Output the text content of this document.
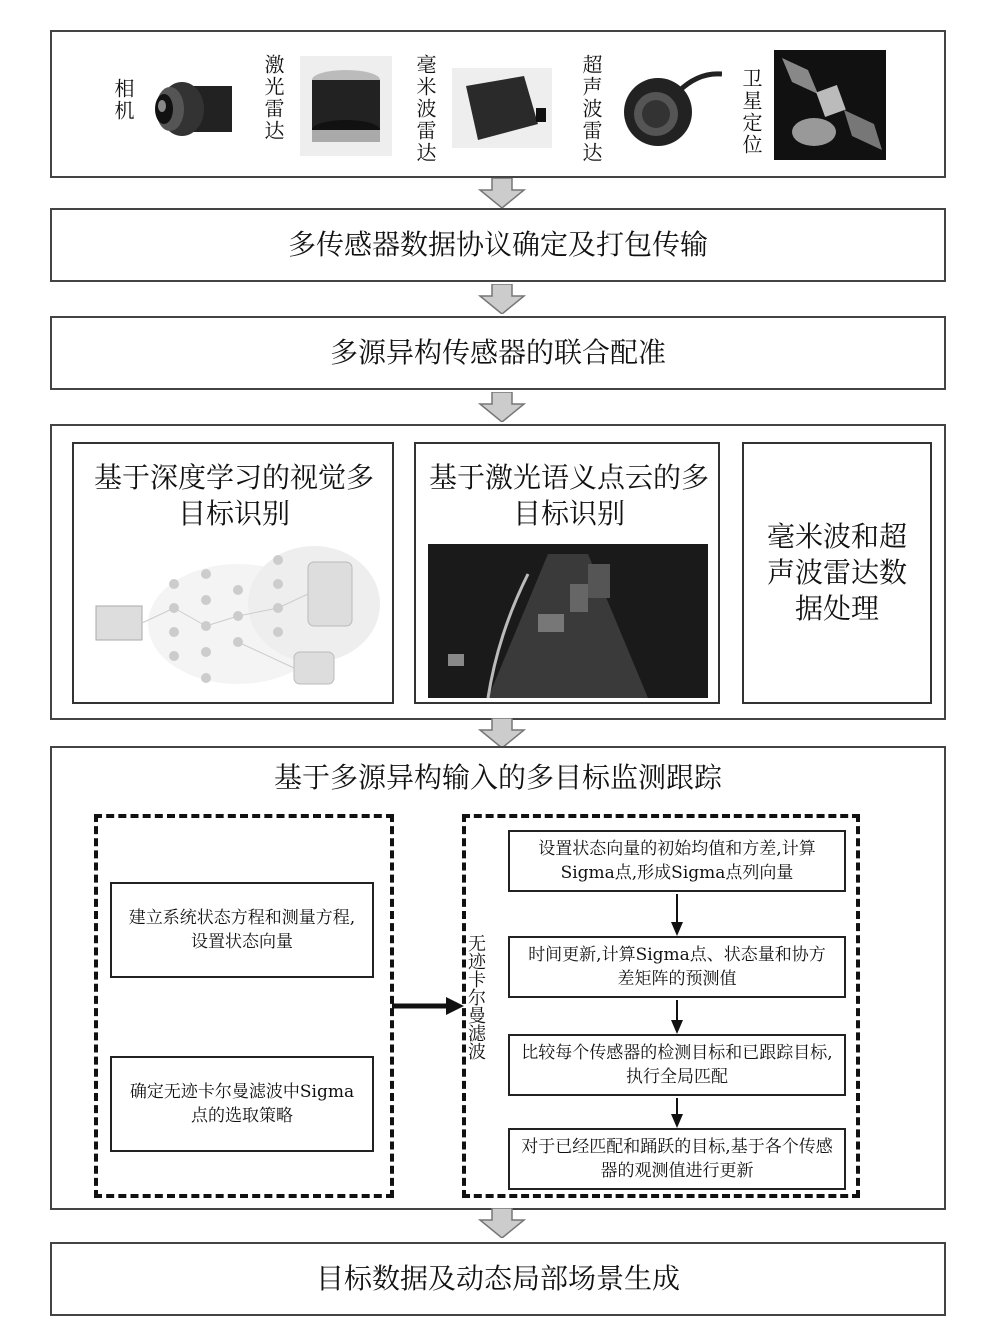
相机	激光雷达	毫米波雷达	超声波雷达	卫星定位
多传感器数据协议确定及打包传输
多源异构传感器的联合配准
基于深度学习的视觉多目标识别
基于激光语义点云的多目标识别
毫米波和超声波雷达数据处理
基于多源异构输入的多目标监测跟踪
建立系统状态方程和测量方程,设置状态向量
确定无迹卡尔曼滤波中Sigma点的选取策略
无迹卡尔曼滤波
设置状态向量的初始均值和方差,计算Sigma点,形成Sigma点列向量
时间更新,计算Sigma点、状态量和协方差矩阵的预测值
比较每个传感器的检测目标和已跟踪目标,执行全局匹配
对于已经匹配和踊跃的目标,基于各个传感器的观测值进行更新
目标数据及动态局部场景生成
